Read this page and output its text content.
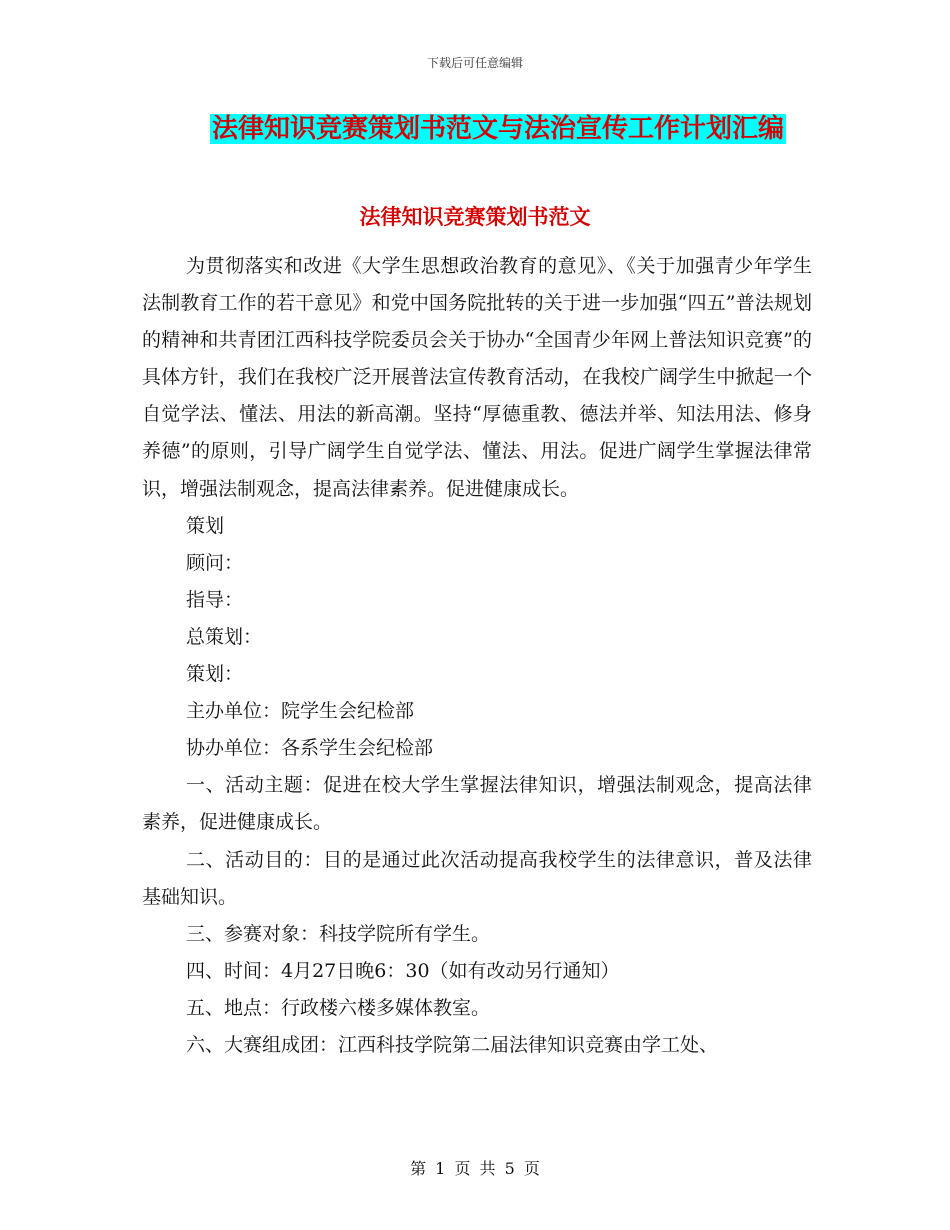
下载后可任意编辑
法律知识竞赛策划书范文与法治宣传工作计划汇编
法律知识竞赛策划书范文

为贯彻落实和改进《大学生思想政治教育的意见》、《关于加强青少年学生法制教育工作的若干意见》和党中国务院批转的关于进一步加强“四五”普法规划的精神和共青团江西科技学院委员会关于协办“全国青少年网上普法知识竞赛”的具体方针，我们在我校广泛开展普法宣传教育活动，在我校广阔学生中掀起一个自觉学法、懂法、用法的新高潮。坚持“厚德重教、德法并举、知法用法、修身养德”的原则，引导广阔学生自觉学法、懂法、用法。促进广阔学生掌握法律常识，增强法制观念，提高法律素养。促进健康成长。

策划

顾问：

指导：

总策划：

策划：

主办单位：院学生会纪检部

协办单位：各系学生会纪检部

一、活动主题：促进在校大学生掌握法律知识，增强法制观念，提高法律素养，促进健康成长。

二、活动目的：目的是通过此次活动提高我校学生的法律意识，普及法律基础知识。

三、参赛对象：科技学院所有学生。

四、时间：4月27日晚6：30（如有改动另行通知）

五、地点：行政楼六楼多媒体教室。

六、大赛组成团：江西科技学院第二届法律知识竞赛由学工处、

第 1 页 共 5 页
